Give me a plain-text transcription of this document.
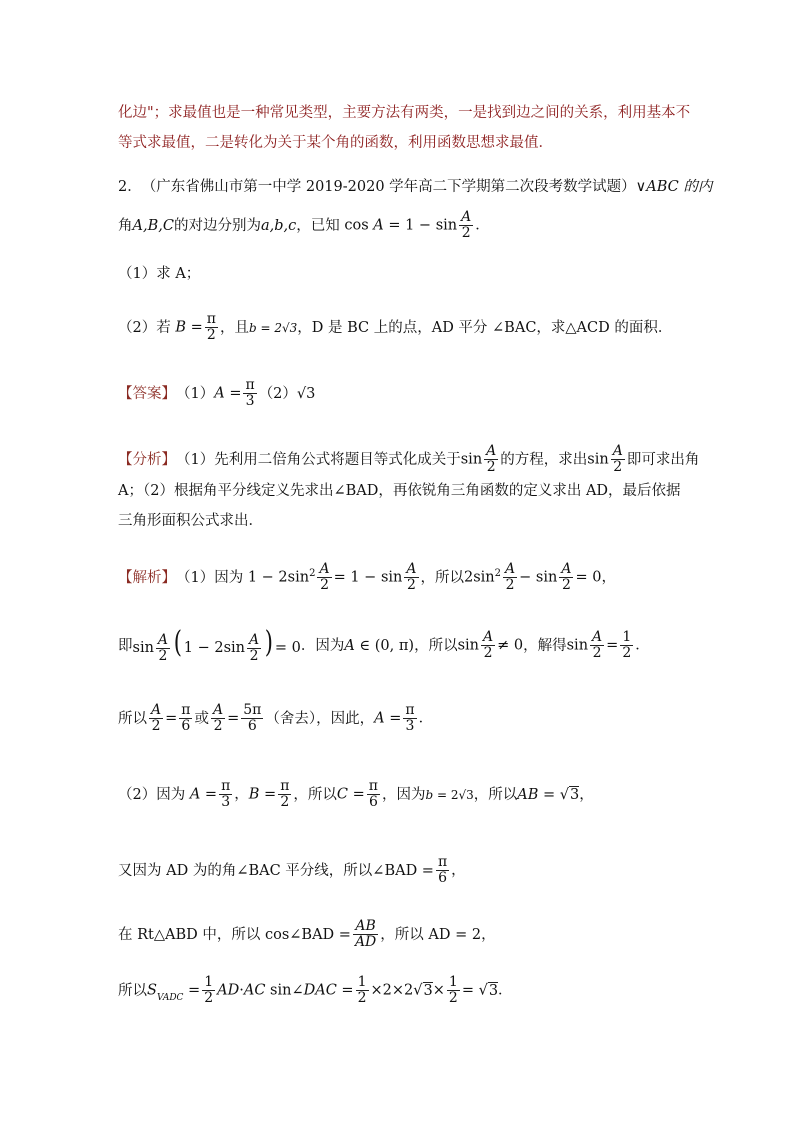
化边"；求最值也是一种常见类型，主要方法有两类，一是找到边之间的关系，利用基本不
等式求最值，二是转化为关于某个角的函数，利用函数思想求最值．
2． （广东省佛山市第一中学 2019-2020 学年高二下学期第二次段考数学试题） ∨ABC 的内
角 A,B,C 的对边分别为 a,b,c ，已知 $\cos A = 1 - \sin \frac{A}{2}$ ．
（1）求 A；
（2）若 $B = \frac{\pi}{2}$ ，且 b = 2√3 ，D 是 BC 上的点，AD 平分 ∠BAC，求△ACD 的面积．
【答案】 （1） $A = \frac{\pi}{3} (2)$ √3
【分析】 （1）先利用二倍角公式将题目等式化成关于 $\sin \frac{A}{2}$ 的方程，求出 $\sin \frac{A}{2}$ 即可求出角
A；（2）根据角平分线定义先求出∠BAD，再依锐角三角函数的定义求出 AD，最后依据
三角形面积公式求出．
【解析】 （1）因为 $1 - 2\sin^2 \frac{A}{2} = 1 - \sin \frac{A}{2}$ ，所以 $2\sin^2 \frac{A}{2} - \sin \frac{A}{2} = 0$，
即 $\sin \frac{A}{2}$ ( $1 - 2\sin \frac{A}{2}$ ) = 0 ．因为 A ∈ (0, π) ，所以 $\sin \frac{A}{2} \ne 0$ ，解得 $\sin \frac{A}{2} = \frac{1}{2}$ ．
所以 $\frac{A}{2} = \frac{\pi}{6}$ 或 $\frac{A}{2} = \frac{5\pi}{6}$ （舍去），因此， $A = \frac{\pi}{3}$ ．
（2）因为 $A = \frac{\pi}{3}$ ，$B = \frac{\pi}{2}$ ，所以 $C = \frac{\pi}{6}$ ，因为 b = 2√3 ，所以 AB = √3，
又因为 AD 为的角∠BAC 平分线，所以∠BAD = $\frac{\pi}{6}$ ，
在 Rt△ABD 中，所以 cos∠BAD = $\frac{AB}{AD}$ ，所以 AD = 2，
所以 $S_{VADC} = \frac{1}{2} AD\cdot AC$ sin∠DAC = $\frac{1}{2} \times 2\times 2√3\times \frac{1}{2} = √3$．
